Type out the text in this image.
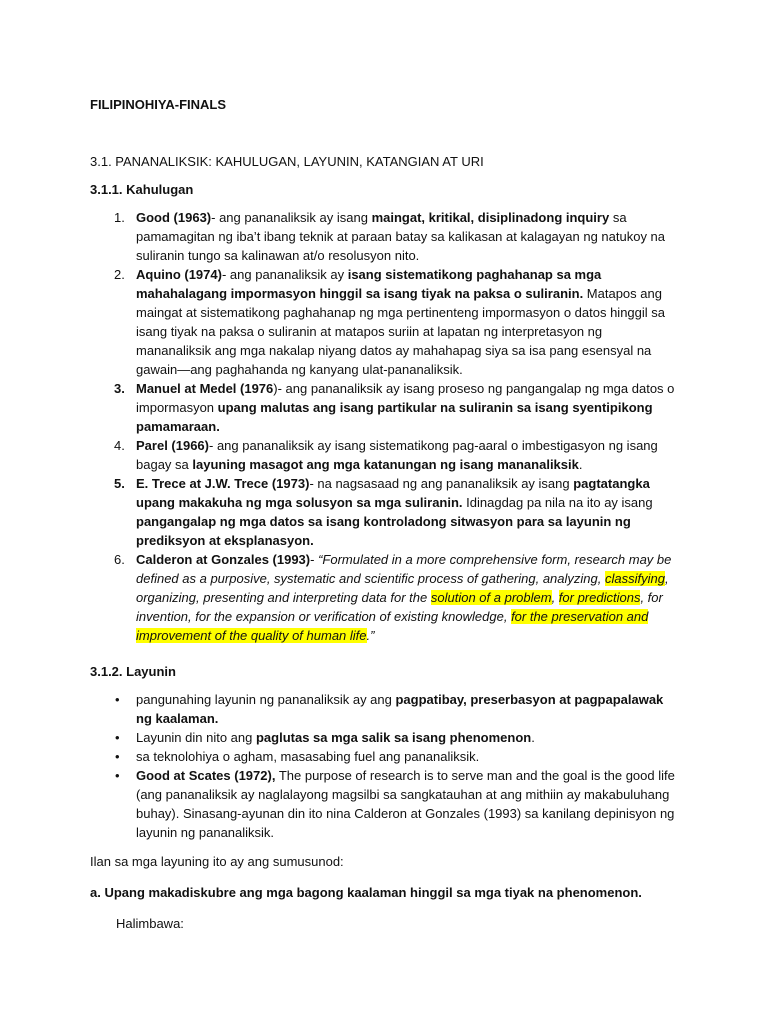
FILIPINOHIYA-FINALS
3.1. PANANALIKSIK: KAHULUGAN, LAYUNIN, KATANGIAN AT URI
3.1.1. Kahulugan
1. Good (1963)- ang pananaliksik ay isang maingat, kritikal, disiplinadong inquiry sa pamamagitan ng iba’t ibang teknik at paraan batay sa kalikasan at kalagayan ng natukoy na suliranin tungo sa kalinawan at/o resolusyon nito.
2. Aquino (1974)- ang pananaliksik ay isang sistematikong paghahanap sa mga mahahalagang impormasyon hinggil sa isang tiyak na paksa o suliranin. Matapos ang maingat at sistematikong paghahanap ng mga pertinenteng impormasyon o datos hinggil sa isang tiyak na paksa o suliranin at matapos suriin at lapatan ng interpretasyon ng mananaliksik ang mga nakalap niyang datos ay mahahapag siya sa isa pang esensyal na gawain—ang paghahanda ng kanyang ulat-pananaliksik.
3. Manuel at Medel (1976)- ang pananaliksik ay isang proseso ng pangangalap ng mga datos o impormasyon upang malutas ang isang partikular na suliranin sa isang syentipikong pamamaraan.
4. Parel (1966)- ang pananaliksik ay isang sistematikong pag-aaral o imbestigasyon ng isang bagay sa layuning masagot ang mga katanungan ng isang mananaliksik.
5. E. Trece at J.W. Trece (1973)- na nagsasaad ng ang pananaliksik ay isang pagtatangka upang makakuha ng mga solusyon sa mga suliranin. Idinagdag pa nila na ito ay isang pangangalap ng mga datos sa isang kontroladong sitwasyon para sa layunin ng prediksyon at eksplanasyon.
6. Calderon at Gonzales (1993)- “Formulated in a more comprehensive form, research may be defined as a purposive, systematic and scientific process of gathering, analyzing, classifying, organizing, presenting and interpreting data for the solution of a problem, for predictions, for invention, for the expansion or verification of existing knowledge, for the preservation and improvement of the quality of human life.”
3.1.2. Layunin
• pangunahing layunin ng pananaliksik ay ang pagpatibay, preserbasyon at pagpapalawak ng kaalaman.
• Layunin din nito ang paglutas sa mga salik sa isang phenomenon.
• sa teknolohiya o agham, masasabing fuel ang pananaliksik.
• Good at Scates (1972), The purpose of research is to serve man and the goal is the good life (ang pananaliksik ay naglalayong magsilbi sa sangkatauhan at ang mithiin ay makabuluhang buhay). Sinasang-ayunan din ito nina Calderon at Gonzales (1993) sa kanilang depinisyon ng layunin ng pananaliksik.
Ilan sa mga layuning ito ay ang sumusunod:
a. Upang makadiskubre ang mga bagong kaalaman hinggil sa mga tiyak na phenomenon.
Halimbawa:
